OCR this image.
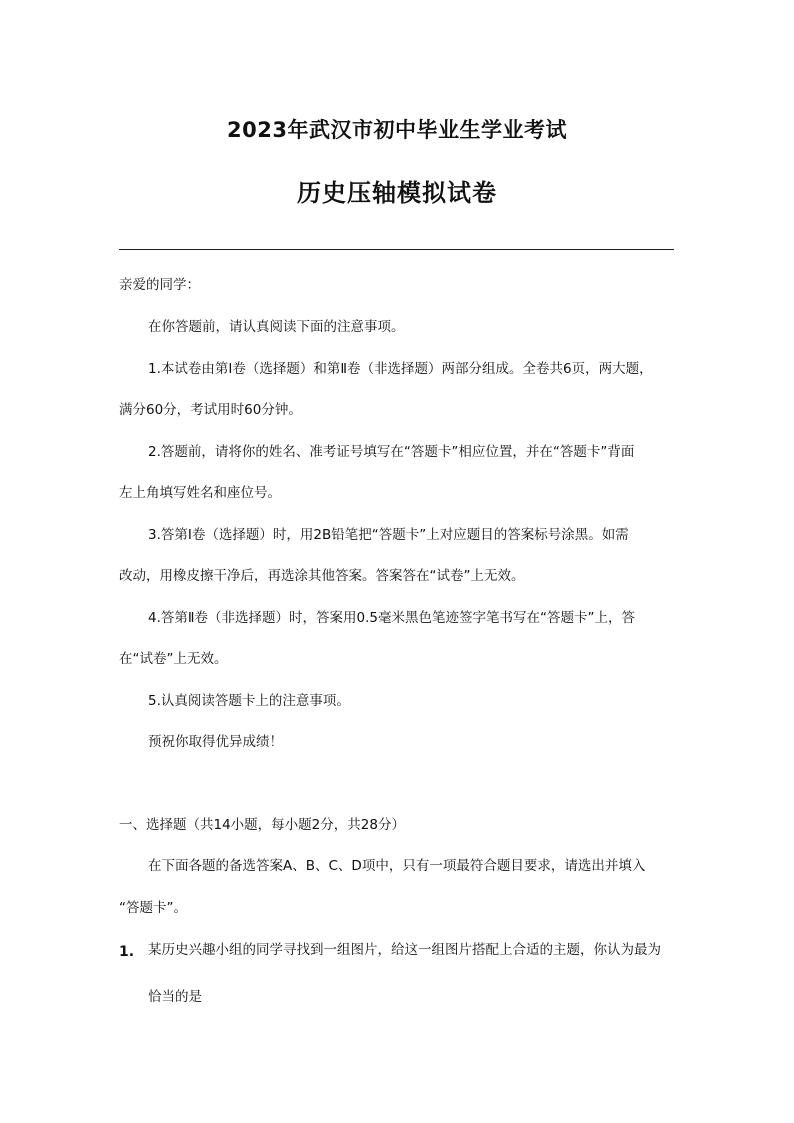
2023年武汉市初中毕业生学业考试
历史压轴模拟试卷
亲爱的同学：
在你答题前，请认真阅读下面的注意事项。
1.本试卷由第Ⅰ卷（选择题）和第Ⅱ卷（非选择题）两部分组成。全卷共6页，两大题，
满分60分，考试用时60分钟。
2.答题前，请将你的姓名、准考证号填写在“答题卡”相应位置，并在“答题卡”背面
左上角填写姓名和座位号。
3.答第Ⅰ卷（选择题）时，用2B铅笔把“答题卡”上对应题目的答案标号涂黑。如需
改动，用橡皮擦干净后，再选涂其他答案。答案答在“试卷”上无效。
4.答第Ⅱ卷（非选择题）时，答案用0.5毫米黑色笔迹签字笔书写在“答题卡”上，答
在“试卷”上无效。
5.认真阅读答题卡上的注意事项。
预祝你取得优异成绩！
一、选择题（共14小题，每小题2分，共28分）
在下面各题的备选答案A、B、C、D项中，只有一项最符合题目要求，请选出并填入
“答题卡”。
1. 某历史兴趣小组的同学寻找到一组图片，给这一组图片搭配上合适的主题，你认为最为
恰当的是
